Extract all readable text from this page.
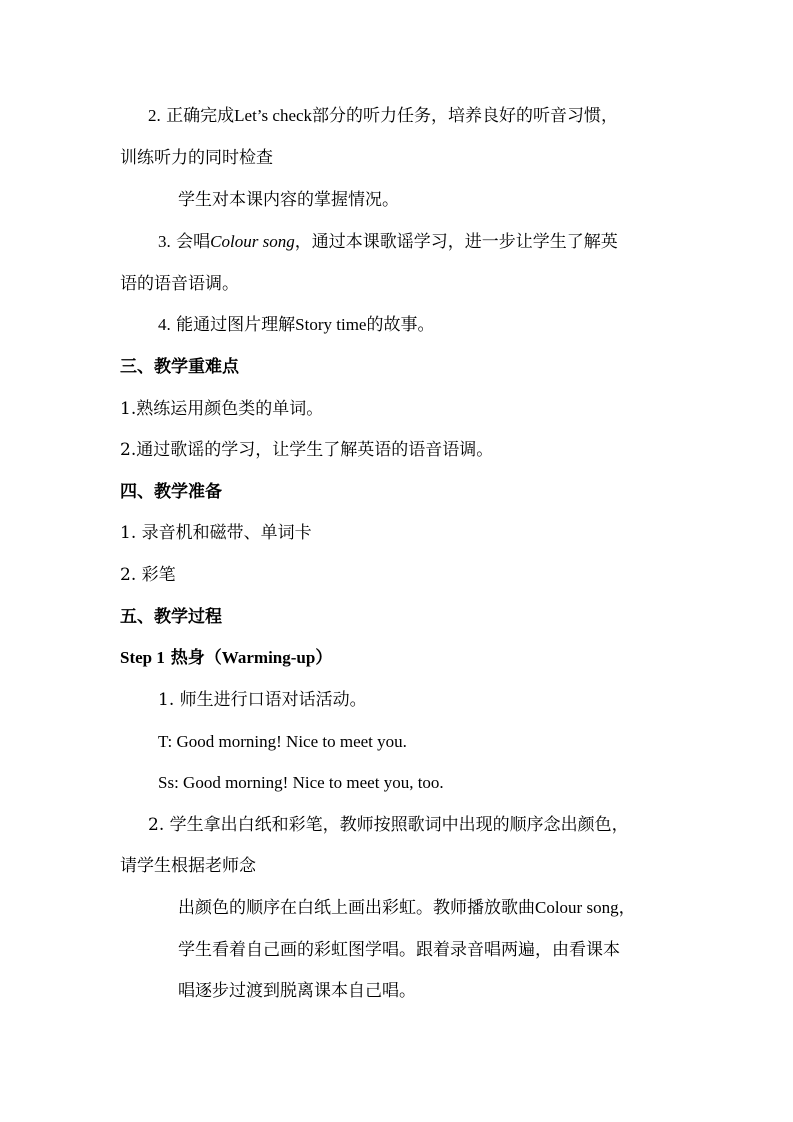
2. 正确完成Let’s check部分的听力任务，培养良好的听音习惯，
训练听力的同时检查
学生对本课内容的掌握情况。
3. 会唱Colour song，通过本课歌谣学习，进一步让学生了解英
语的语音语调。
4. 能通过图片理解Story time的故事。
三、教学重难点
1.熟练运用颜色类的单词。
2.通过歌谣的学习，让学生了解英语的语音语调。
四、教学准备
1. 录音机和磁带、单词卡
2. 彩笔
五、教学过程
Step 1 热身（Warming-up）
1. 师生进行口语对话活动。
T: Good morning! Nice to meet you.
Ss: Good morning! Nice to meet you, too.
2. 学生拿出白纸和彩笔，教师按照歌词中出现的顺序念出颜色，
请学生根据老师念
出颜色的顺序在白纸上画出彩虹。教师播放歌曲Colour song，
学生看着自己画的彩虹图学唱。跟着录音唱两遍，由看课本
唱逐步过渡到脱离课本自己唱。
